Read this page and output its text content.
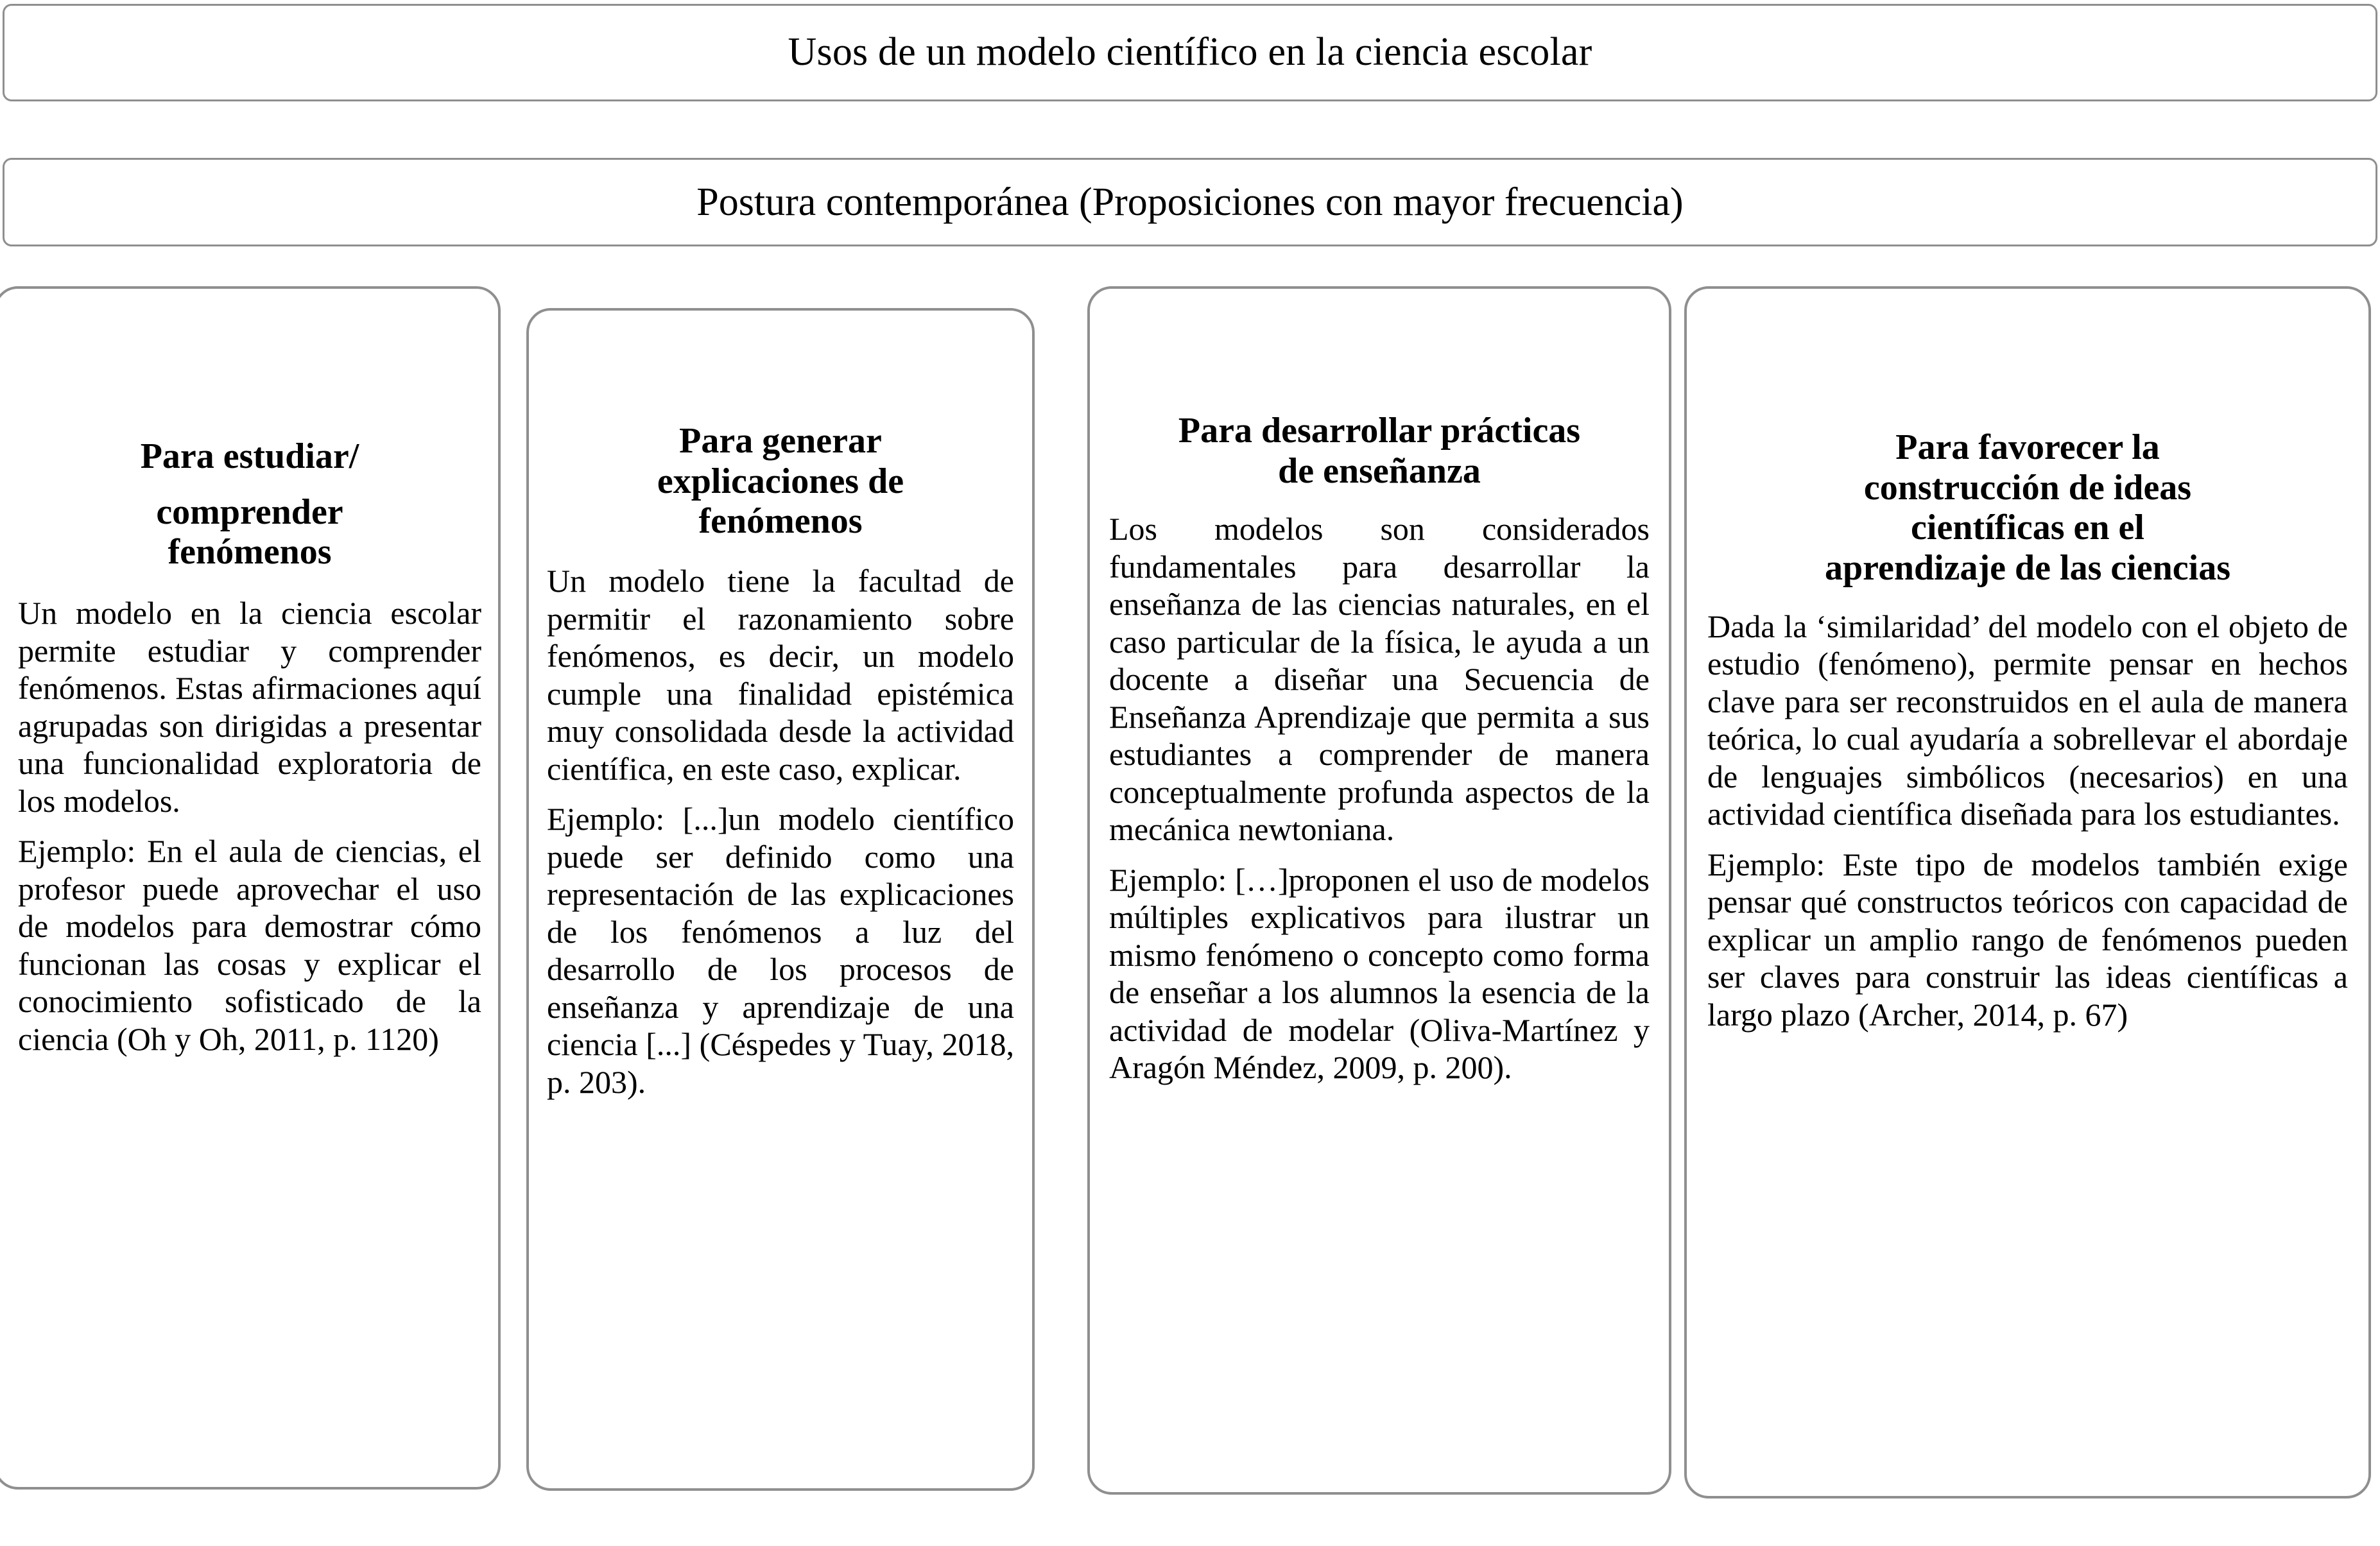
Usos de un modelo científico en la ciencia escolar
Postura contemporánea (Proposiciones con mayor frecuencia)
Para estudiar/
comprender
fenómenos

Un modelo en la ciencia escolar permite estudiar y comprender fenómenos. Estas afirmaciones aquí agrupadas son dirigidas a presentar una funcionalidad exploratoria de los modelos.

Ejemplo: En el aula de ciencias, el profesor puede aprovechar el uso de modelos para demostrar cómo funcionan las cosas y explicar el conocimiento sofisticado de la ciencia (Oh y Oh, 2011, p. 1120)

Para generar
explicaciones de
fenómenos

Un modelo tiene la facultad de permitir el razonamiento sobre fenómenos, es decir, un modelo cumple una finalidad epistémica muy consolidada desde la actividad científica, en este caso, explicar.

Ejemplo: [...]un modelo científico puede ser definido como una representación de las explicaciones de los fenómenos a luz del desarrollo de los procesos de enseñanza y aprendizaje de una ciencia [...] (Céspedes y Tuay, 2018, p. 203).

Para desarrollar prácticas
de enseñanza

Los modelos son considerados fundamentales para desarrollar la enseñanza de las ciencias naturales, en el caso particular de la física, le ayuda a un docente a diseñar una Secuencia de Enseñanza Aprendizaje que permita a sus estudiantes a comprender de manera conceptualmente profunda aspectos de la mecánica newtoniana.

Ejemplo: […]proponen el uso de modelos múltiples explicativos para ilustrar un mismo fenómeno o concepto como forma de enseñar a los alumnos la esencia de la actividad de modelar (Oliva-Martínez y Aragón Méndez, 2009, p. 200).

Para favorecer la
construcción de ideas
científicas en el
aprendizaje de las ciencias

Dada la ‘similaridad’ del modelo con el objeto de estudio (fenómeno), permite pensar en hechos clave para ser reconstruidos en el aula de manera teórica, lo cual ayudaría a sobrellevar el abordaje de lenguajes simbólicos (necesarios) en una actividad científica diseñada para los estudiantes.

Ejemplo: Este tipo de modelos también exige pensar qué constructos teóricos con capacidad de explicar un amplio rango de fenómenos pueden ser claves para construir las ideas científicas a largo plazo (Archer, 2014, p. 67)
